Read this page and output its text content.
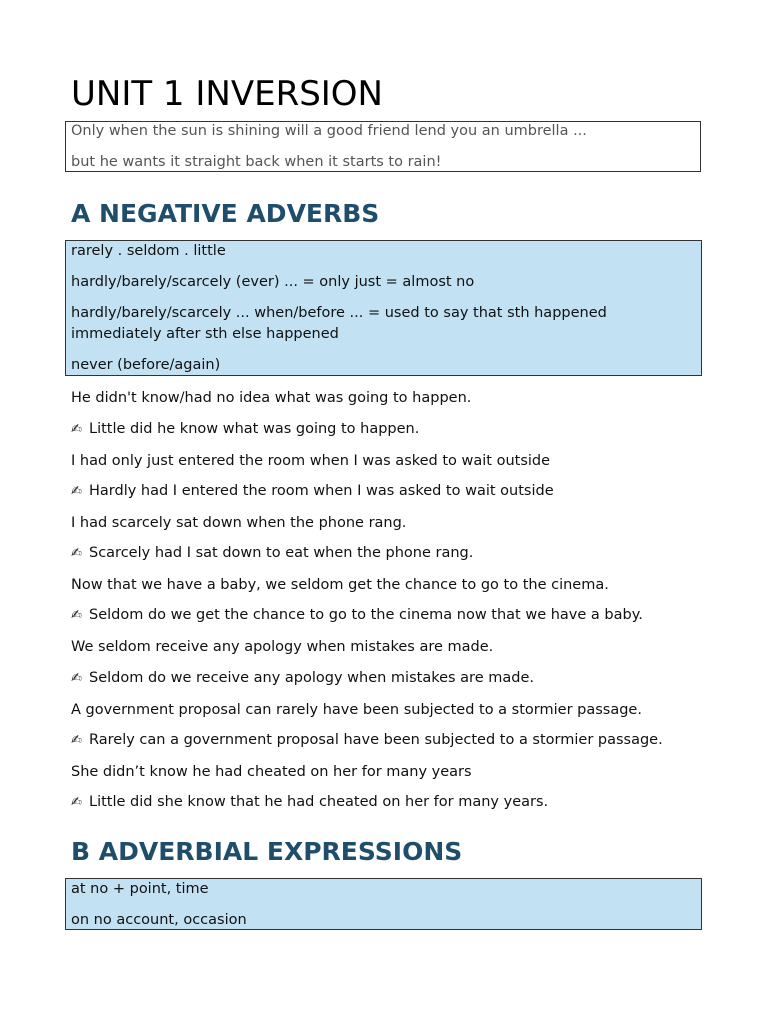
UNIT 1 INVERSION
Only when the sun is shining will a good friend lend you an umbrella ...
but he wants it straight back when it starts to rain!
A NEGATIVE ADVERBS
rarely . seldom . little
hardly/barely/scarcely (ever) ... = only just = almost no
hardly/barely/scarcely ... when/before ... = used to say that sth happened immediately after sth else happened
never (before/again)
He didn't know/had no idea what was going to happen.
✍ Little did he know what was going to happen.
I had only just entered the room when I was asked to wait outside
✍ Hardly had I entered the room when I was asked to wait outside
I had scarcely sat down when the phone rang.
✍ Scarcely had I sat down to eat when the phone rang.
Now that we have a baby, we seldom get the chance to go to the cinema.
✍ Seldom do we get the chance to go to the cinema now that we have a baby.
We seldom receive any apology when mistakes are made.
✍ Seldom do we receive any apology when mistakes are made.
A government proposal can rarely have been subjected to a stormier passage.
✍ Rarely can a government proposal have been subjected to a stormier passage.
She didn’t know he had cheated on her for many years
✍ Little did she know that he had cheated on her for many years.
B ADVERBIAL EXPRESSIONS
at no + point, time
on no account, occasion
